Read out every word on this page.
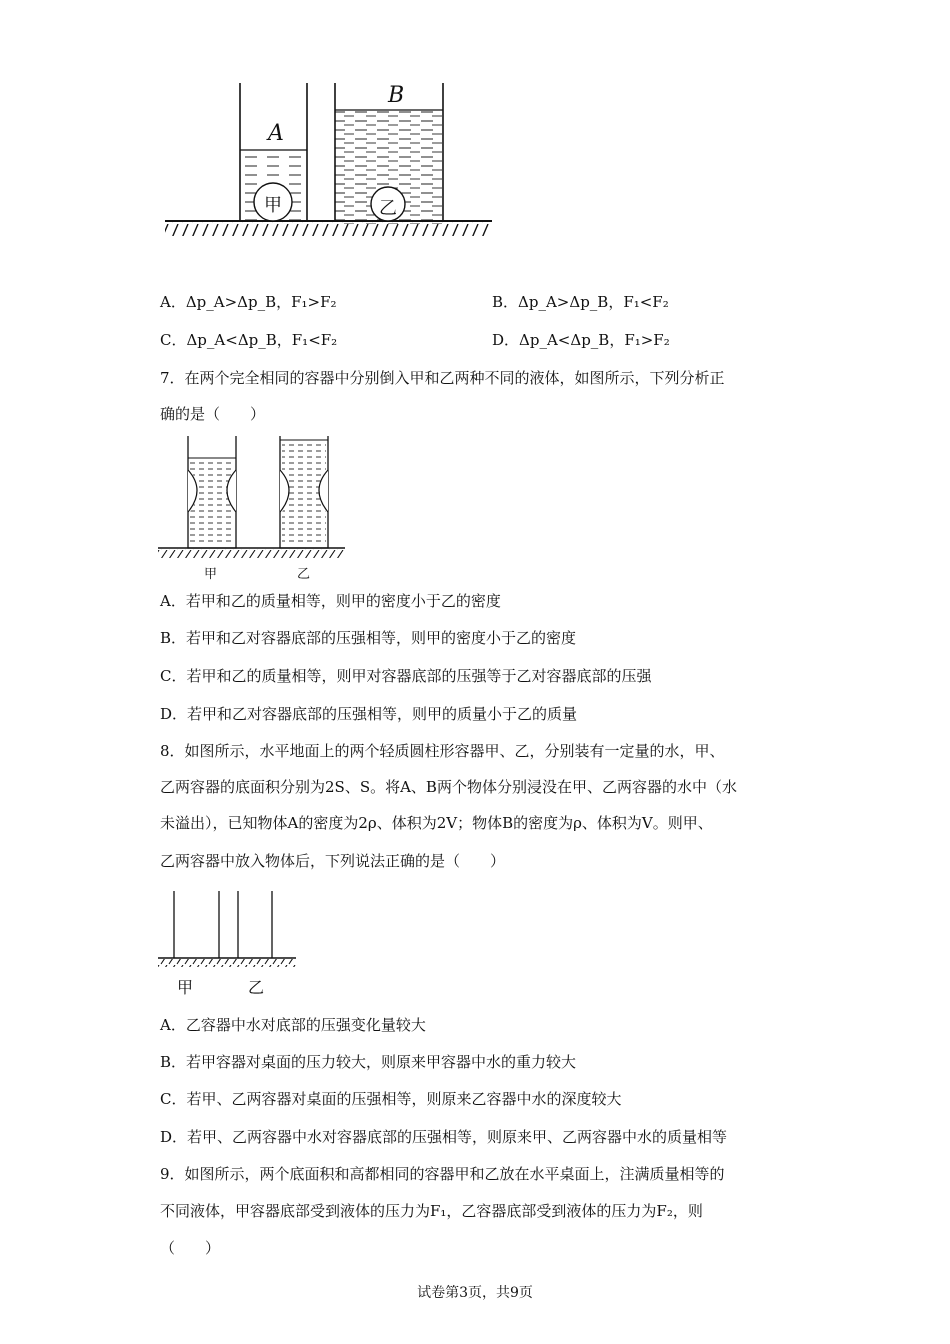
A
B
甲	乙
A．Δp_A>Δp_B，F₁>F₂	B．Δp_A>Δp_B，F₁<F₂
C．Δp_A<Δp_B，F₁<F₂	D．Δp_A<Δp_B，F₁>F₂
7．在两个完全相同的容器中分别倒入甲和乙两种不同的液体，如图所示，下列分析正
确的是（　　）
甲	乙
A．若甲和乙的质量相等，则甲的密度小于乙的密度
B．若甲和乙对容器底部的压强相等，则甲的密度小于乙的密度
C．若甲和乙的质量相等，则甲对容器底部的压强等于乙对容器底部的压强
D．若甲和乙对容器底部的压强相等，则甲的质量小于乙的质量
8．如图所示，水平地面上的两个轻质圆柱形容器甲、乙，分别装有一定量的水，甲、
乙两容器的底面积分别为2S、S。将A、B两个物体分别浸没在甲、乙两容器的水中（水
未溢出），已知物体A的密度为2ρ、体积为2V；物体B的密度为ρ、体积为V。则甲、
乙两容器中放入物体后，下列说法正确的是（　　）
甲	乙
A．乙容器中水对底部的压强变化量较大
B．若甲容器对桌面的压力较大，则原来甲容器中水的重力较大
C．若甲、乙两容器对桌面的压强相等，则原来乙容器中水的深度较大
D．若甲、乙两容器中水对容器底部的压强相等，则原来甲、乙两容器中水的质量相等
9．如图所示，两个底面积和高都相同的容器甲和乙放在水平桌面上，注满质量相等的
不同液体，甲容器底部受到液体的压力为F₁，乙容器底部受到液体的压力为F₂，则
（　　）
试卷第3页，共9页
